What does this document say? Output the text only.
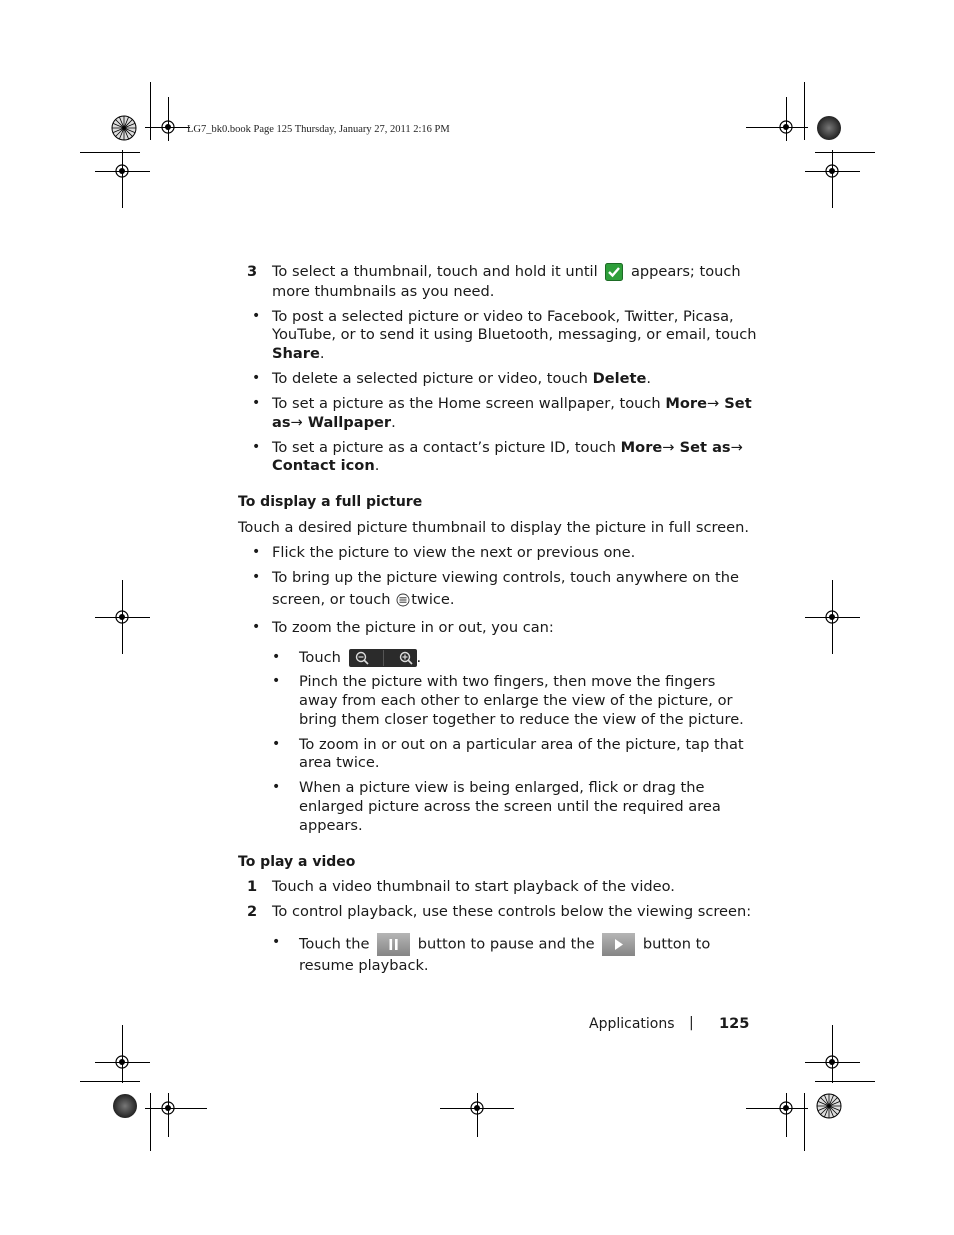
LG7_bk0.book Page 125 Thursday, January 27, 2011 2:16 PM
3 To select a thumbnail, touch and hold it until appears; touch
more thumbnails as you need.
• To post a selected picture or video to Facebook, Twitter, Picasa,
YouTube, or to send it using Bluetooth, messaging, or email, touch
Share.
• To delete a selected picture or video, touch Delete.
• To set a picture as the Home screen wallpaper, touch More→ Set
as→ Wallpaper.
• To set a picture as a contact’s picture ID, touch More→ Set as→
Contact icon.
To display a full picture
Touch a desired picture thumbnail to display the picture in full screen.
• Flick the picture to view the next or previous one.
• To bring up the picture viewing controls, touch anywhere on the
screen, or touch twice.
• To zoom the picture in or out, you can:
• Touch	.
• Pinch the picture with two fingers, then move the fingers
away from each other to enlarge the view of the picture, or
bring them closer together to reduce the view of the picture.
• To zoom in or out on a particular area of the picture, tap that
area twice.
• When a picture view is being enlarged, flick or drag the
enlarged picture across the screen until the required area
appears.
To play a video
1 Touch a video thumbnail to start playback of the video.
2 To control playback, use these controls below the viewing screen:
• Touch the	button to pause and the	button to
resume playback.
Applications | 125
